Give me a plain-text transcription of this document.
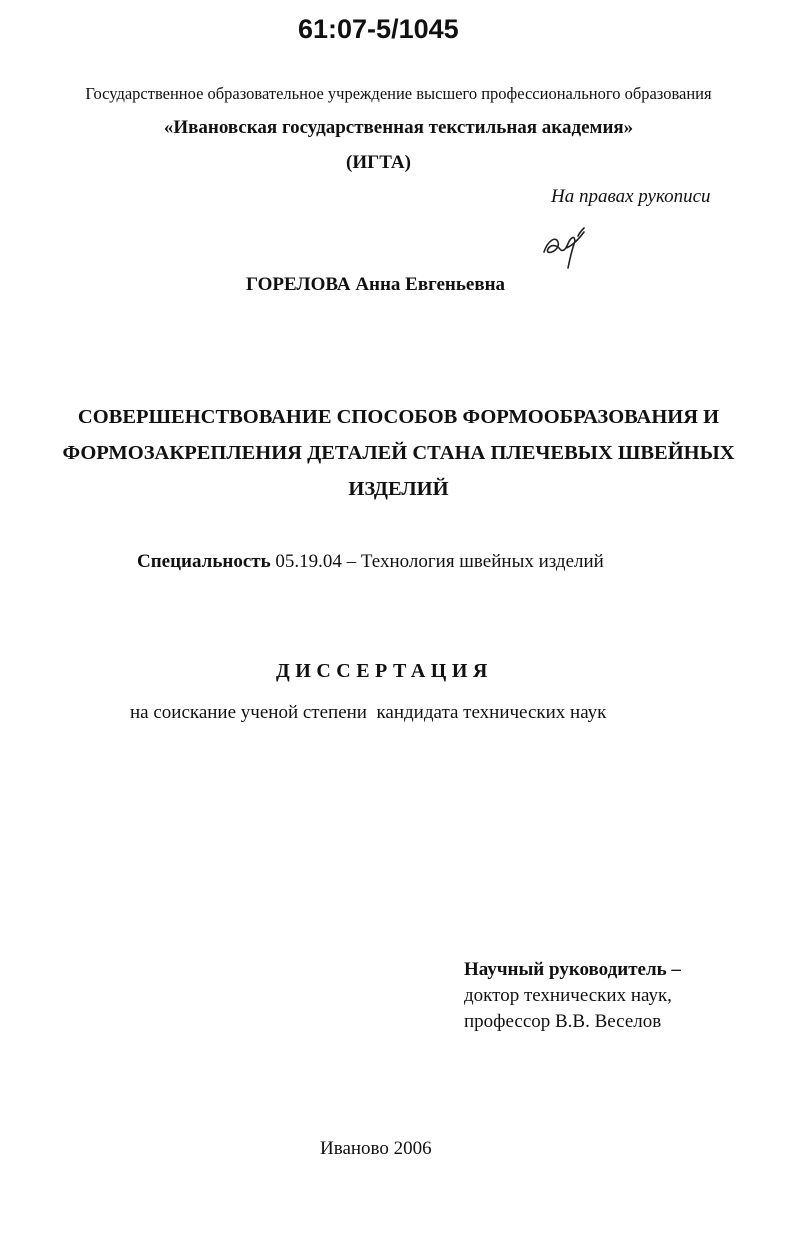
61:07-5/1045
Государственное образовательное учреждение высшего профессионального образования
«Ивановская государственная текстильная академия»
(ИГТА)
На правах рукописи
ГОРЕЛОВА Анна Евгеньевна
СОВЕРШЕНСТВОВАНИЕ СПОСОБОВ ФОРМООБРАЗОВАНИЯ И
ФОРМОЗАКРЕПЛЕНИЯ ДЕТАЛЕЙ СТАНА ПЛЕЧЕВЫХ ШВЕЙНЫХ
ИЗДЕЛИЙ
Специальность 05.19.04 – Технология швейных изделий
ДИССЕРТАЦИЯ
на соискание ученой степени  кандидата технических наук
Научный руководитель –
доктор технических наук,
профессор В.В. Веселов
Иваново 2006
